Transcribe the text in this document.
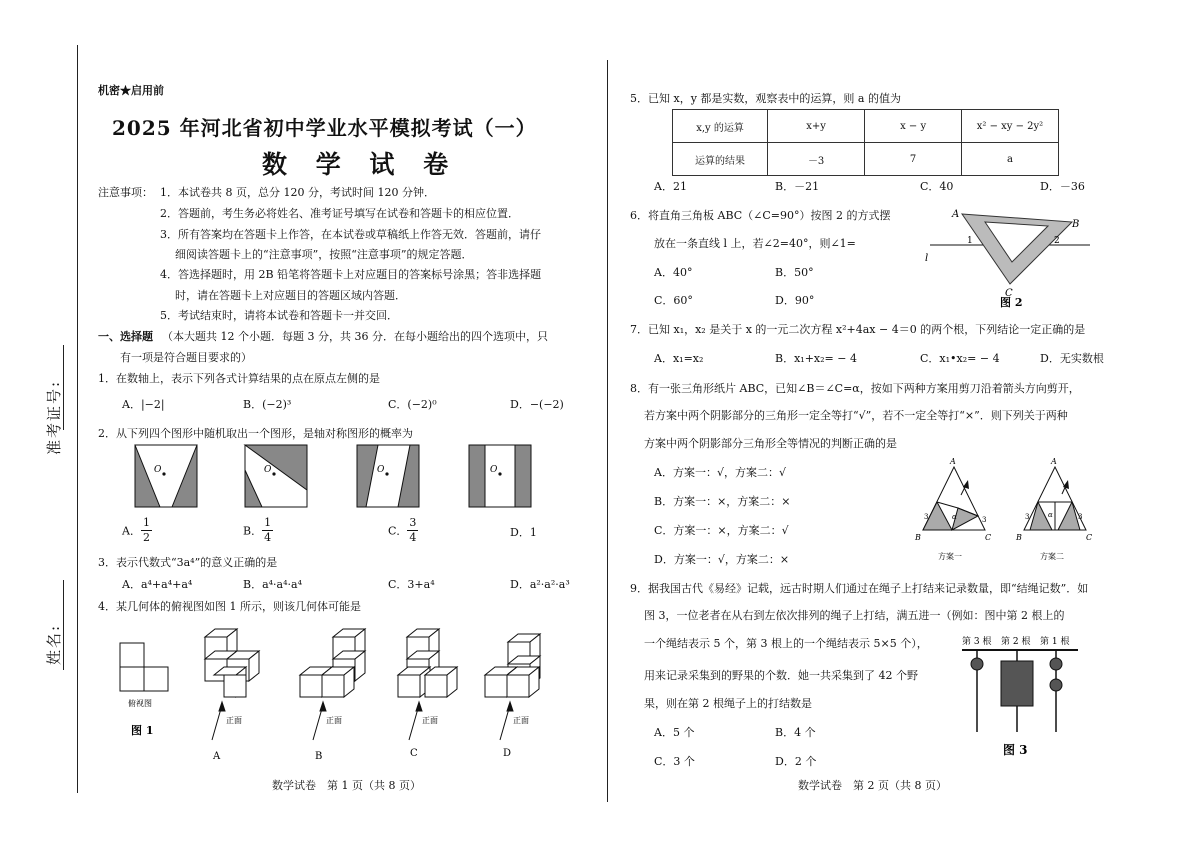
准考证号:
姓名:
机密★启用前
2025 年河北省初中学业水平模拟考试（一）
数 学 试 卷
注意事项： 1．本试卷共 8 页，总分 120 分，考试时间 120 分钟．
2．答题前，考生务必将姓名、准考证号填写在试卷和答题卡的相应位置．
3．所有答案均在答题卡上作答，在本试卷或草稿纸上作答无效．答题前，请仔
细阅读答题卡上的“注意事项”，按照“注意事项”的规定答题．
4．答选择题时，用 2B 铅笔将答题卡上对应题目的答案标号涂黑；答非选择题
时，请在答题卡上对应题目的答题区域内答题．
5．考试结束时，请将本试卷和答题卡一并交回．
一、选择题 （本大题共 12 个小题．每题 3 分，共 36 分．在每小题给出的四个选项中，只
有一项是符合题目要求的）
1．在数轴上，表示下列各式计算结果的点在原点左侧的是
A．|−2|	B．(−2)³	C．(−2)⁰	D．−(−2)
2．从下列四个图形中随机取出一个图形，是轴对称图形的概率为
O	O	O	O
A． $\frac{1}{2}$	B． $\frac{1}{4}$	C． $\frac{3}{4}$	D．1
3．表示代数式“3a⁴”的意义正确的是
A．a⁴+a⁴+a⁴	B．a⁴·a⁴·a⁴	C．3+a⁴	D．a²·a²·a³
4．某几何体的俯视图如图 1 所示，则该几何体可能是
俯视图
图 1
正面	正面	正面	正面
A	B	C	D
数学试卷　第 1 页（共 8 页）
5．已知 x，y 都是实数，观察表中的运算，则 a 的值为
x,y 的运算	x+y	x − y	x² − xy − 2y²
运算的结果	－3	7	a
A．21	B．－21	C．40	D．－36
6．将直角三角板 ABC（∠C=90°）按图 2 的方式摆
放在一条直线 l 上，若∠2=40°，则∠1=
A．40°	B．50°
C．60°	D．90°
A
B
C
l
1	2
图 2
7．已知 x₁，x₂ 是关于 x 的一元二次方程 x²+4ax − 4＝0 的两个根，下列结论一定正确的是
A．x₁=x₂	B．x₁+x₂= − 4	C．x₁•x₂= − 4	D．无实数根
8．有一张三角形纸片 ABC，已知∠B＝∠C=α，按如下两种方案用剪刀沿着箭头方向剪开，
若方案中两个阴影部分的三角形一定全等打“√”，若不一定全等打“×”．则下列关于两种
方案中两个阴影部分三角形全等情况的判断正确的是
A．方案一：√，方案二：√
B．方案一：×，方案二：×
C．方案一：×，方案二：√
D．方案一：√，方案二：×
A
B	C
3	3
α
方案一
A
B	C
3	3
α
方案二
9．据我国古代《易经》记载，远古时期人们通过在绳子上打结来记录数量，即“结绳记数”．如
图 3，一位老者在从右到左依次排列的绳子上打结，满五进一（例如：图中第 2 根上的
一个绳结表示 5 个，第 3 根上的一个绳结表示 5×5 个），
用来记录采集到的野果的个数．她一共采集到了 42 个野
果，则在第 2 根绳子上的打结数是
A．5 个	B．4 个
C．3 个	D．2 个
第 3 根 第 2 根 第 1 根
图 3
数学试卷　第 2 页（共 8 页）
